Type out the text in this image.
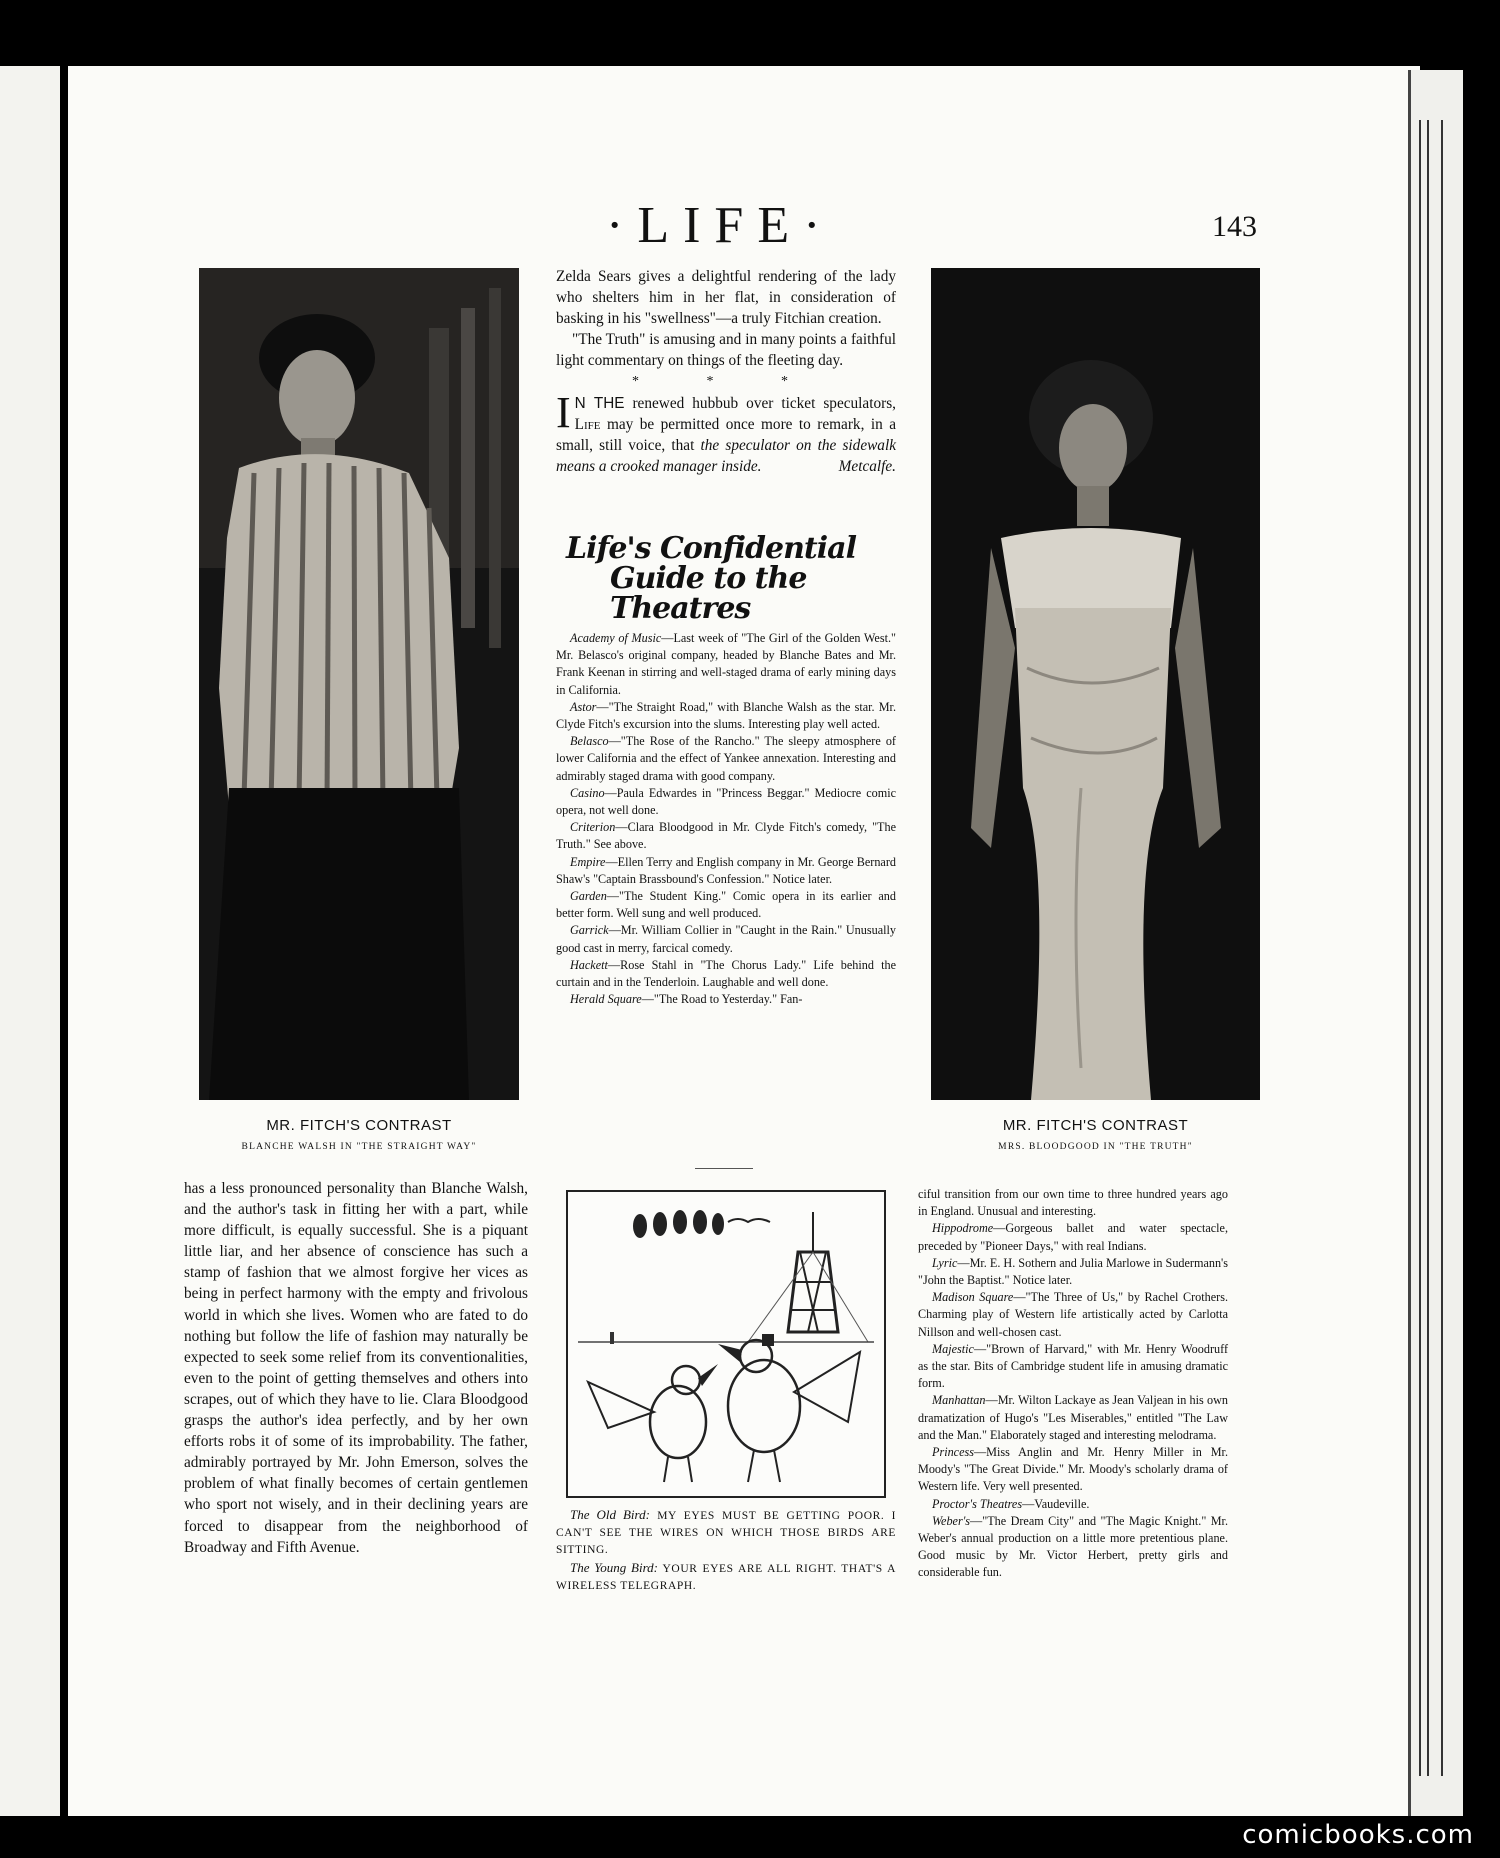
·LIFE·	143
MR. FITCH'S CONTRAST
BLANCHE WALSH IN "THE STRAIGHT WAY"
MR. FITCH'S CONTRAST
MRS. BLOODGOOD IN "THE TRUTH"

Zelda Sears gives a delightful rendering of the lady who shelters him in her flat, in consideration of basking in his "swellness"—a truly Fitchian creation.

"The Truth" is amusing and in many points a faithful light commentary on things of the fleeting day.

* * *

I N THE renewed hubbub over ticket speculators, Life may be permitted once more to remark, in a small, still voice, that the speculator on the sidewalk means a crooked manager inside.	Metcalfe.

Life's Confidential
Guide to the Theatres

Academy of Music—Last week of "The Girl of the Golden West." Mr. Belasco's original company, headed by Blanche Bates and Mr. Frank Keenan in stirring and well-staged drama of early mining days in California.

Astor—"The Straight Road," with Blanche Walsh as the star. Mr. Clyde Fitch's excursion into the slums. Interesting play well acted.

Belasco—"The Rose of the Rancho." The sleepy atmosphere of lower California and the effect of Yankee annexation. Interesting and admirably staged drama with good company.

Casino—Paula Edwardes in "Princess Beggar." Mediocre comic opera, not well done.

Criterion—Clara Bloodgood in Mr. Clyde Fitch's comedy, "The Truth." See above.

Empire—Ellen Terry and English company in Mr. George Bernard Shaw's "Captain Brassbound's Confession." Notice later.

Garden—"The Student King." Comic opera in its earlier and better form. Well sung and well produced.

Garrick—Mr. William Collier in "Caught in the Rain." Unusually good cast in merry, farcical comedy.

Hackett—Rose Stahl in "The Chorus Lady." Life behind the curtain and in the Tenderloin. Laughable and well done.

Herald Square—"The Road to Yesterday." Fan-

The Old Bird: MY EYES MUST BE GETTING POOR. I CAN'T SEE THE WIRES ON WHICH THOSE BIRDS ARE SITTING.

The Young Bird: YOUR EYES ARE ALL RIGHT. THAT'S A WIRELESS TELEGRAPH.

has a less pronounced personality than Blanche Walsh, and the author's task in fitting her with a part, while more difficult, is equally successful. She is a piquant little liar, and her absence of conscience has such a stamp of fashion that we almost forgive her vices as being in perfect harmony with the empty and frivolous world in which she lives. Women who are fated to do nothing but follow the life of fashion may naturally be expected to seek some relief from its conventionalities, even to the point of getting themselves and others into scrapes, out of which they have to lie. Clara Bloodgood grasps the author's idea perfectly, and by her own efforts robs it of some of its improbability. The father, admirably portrayed by Mr. John Emerson, solves the problem of what finally becomes of certain gentlemen who sport not wisely, and in their declining years are forced to disappear from the neighborhood of Broadway and Fifth Avenue.

ciful transition from our own time to three hundred years ago in England. Unusual and interesting.

Hippodrome—Gorgeous ballet and water spectacle, preceded by "Pioneer Days," with real Indians.

Lyric—Mr. E. H. Sothern and Julia Marlowe in Sudermann's "John the Baptist." Notice later.

Madison Square—"The Three of Us," by Rachel Crothers. Charming play of Western life artistically acted by Carlotta Nillson and well-chosen cast.

Majestic—"Brown of Harvard," with Mr. Henry Woodruff as the star. Bits of Cambridge student life in amusing dramatic form.

Manhattan—Mr. Wilton Lackaye as Jean Valjean in his own dramatization of Hugo's "Les Miserables," entitled "The Law and the Man." Elaborately staged and interesting melodrama.

Princess—Miss Anglin and Mr. Henry Miller in Mr. Moody's "The Great Divide." Mr. Moody's scholarly drama of Western life. Very well presented.

Proctor's Theatres—Vaudeville.

Weber's—"The Dream City" and "The Magic Knight." Mr. Weber's annual production on a little more pretentious plane. Good music by Mr. Victor Herbert, pretty girls and considerable fun.

comicbooks.com
